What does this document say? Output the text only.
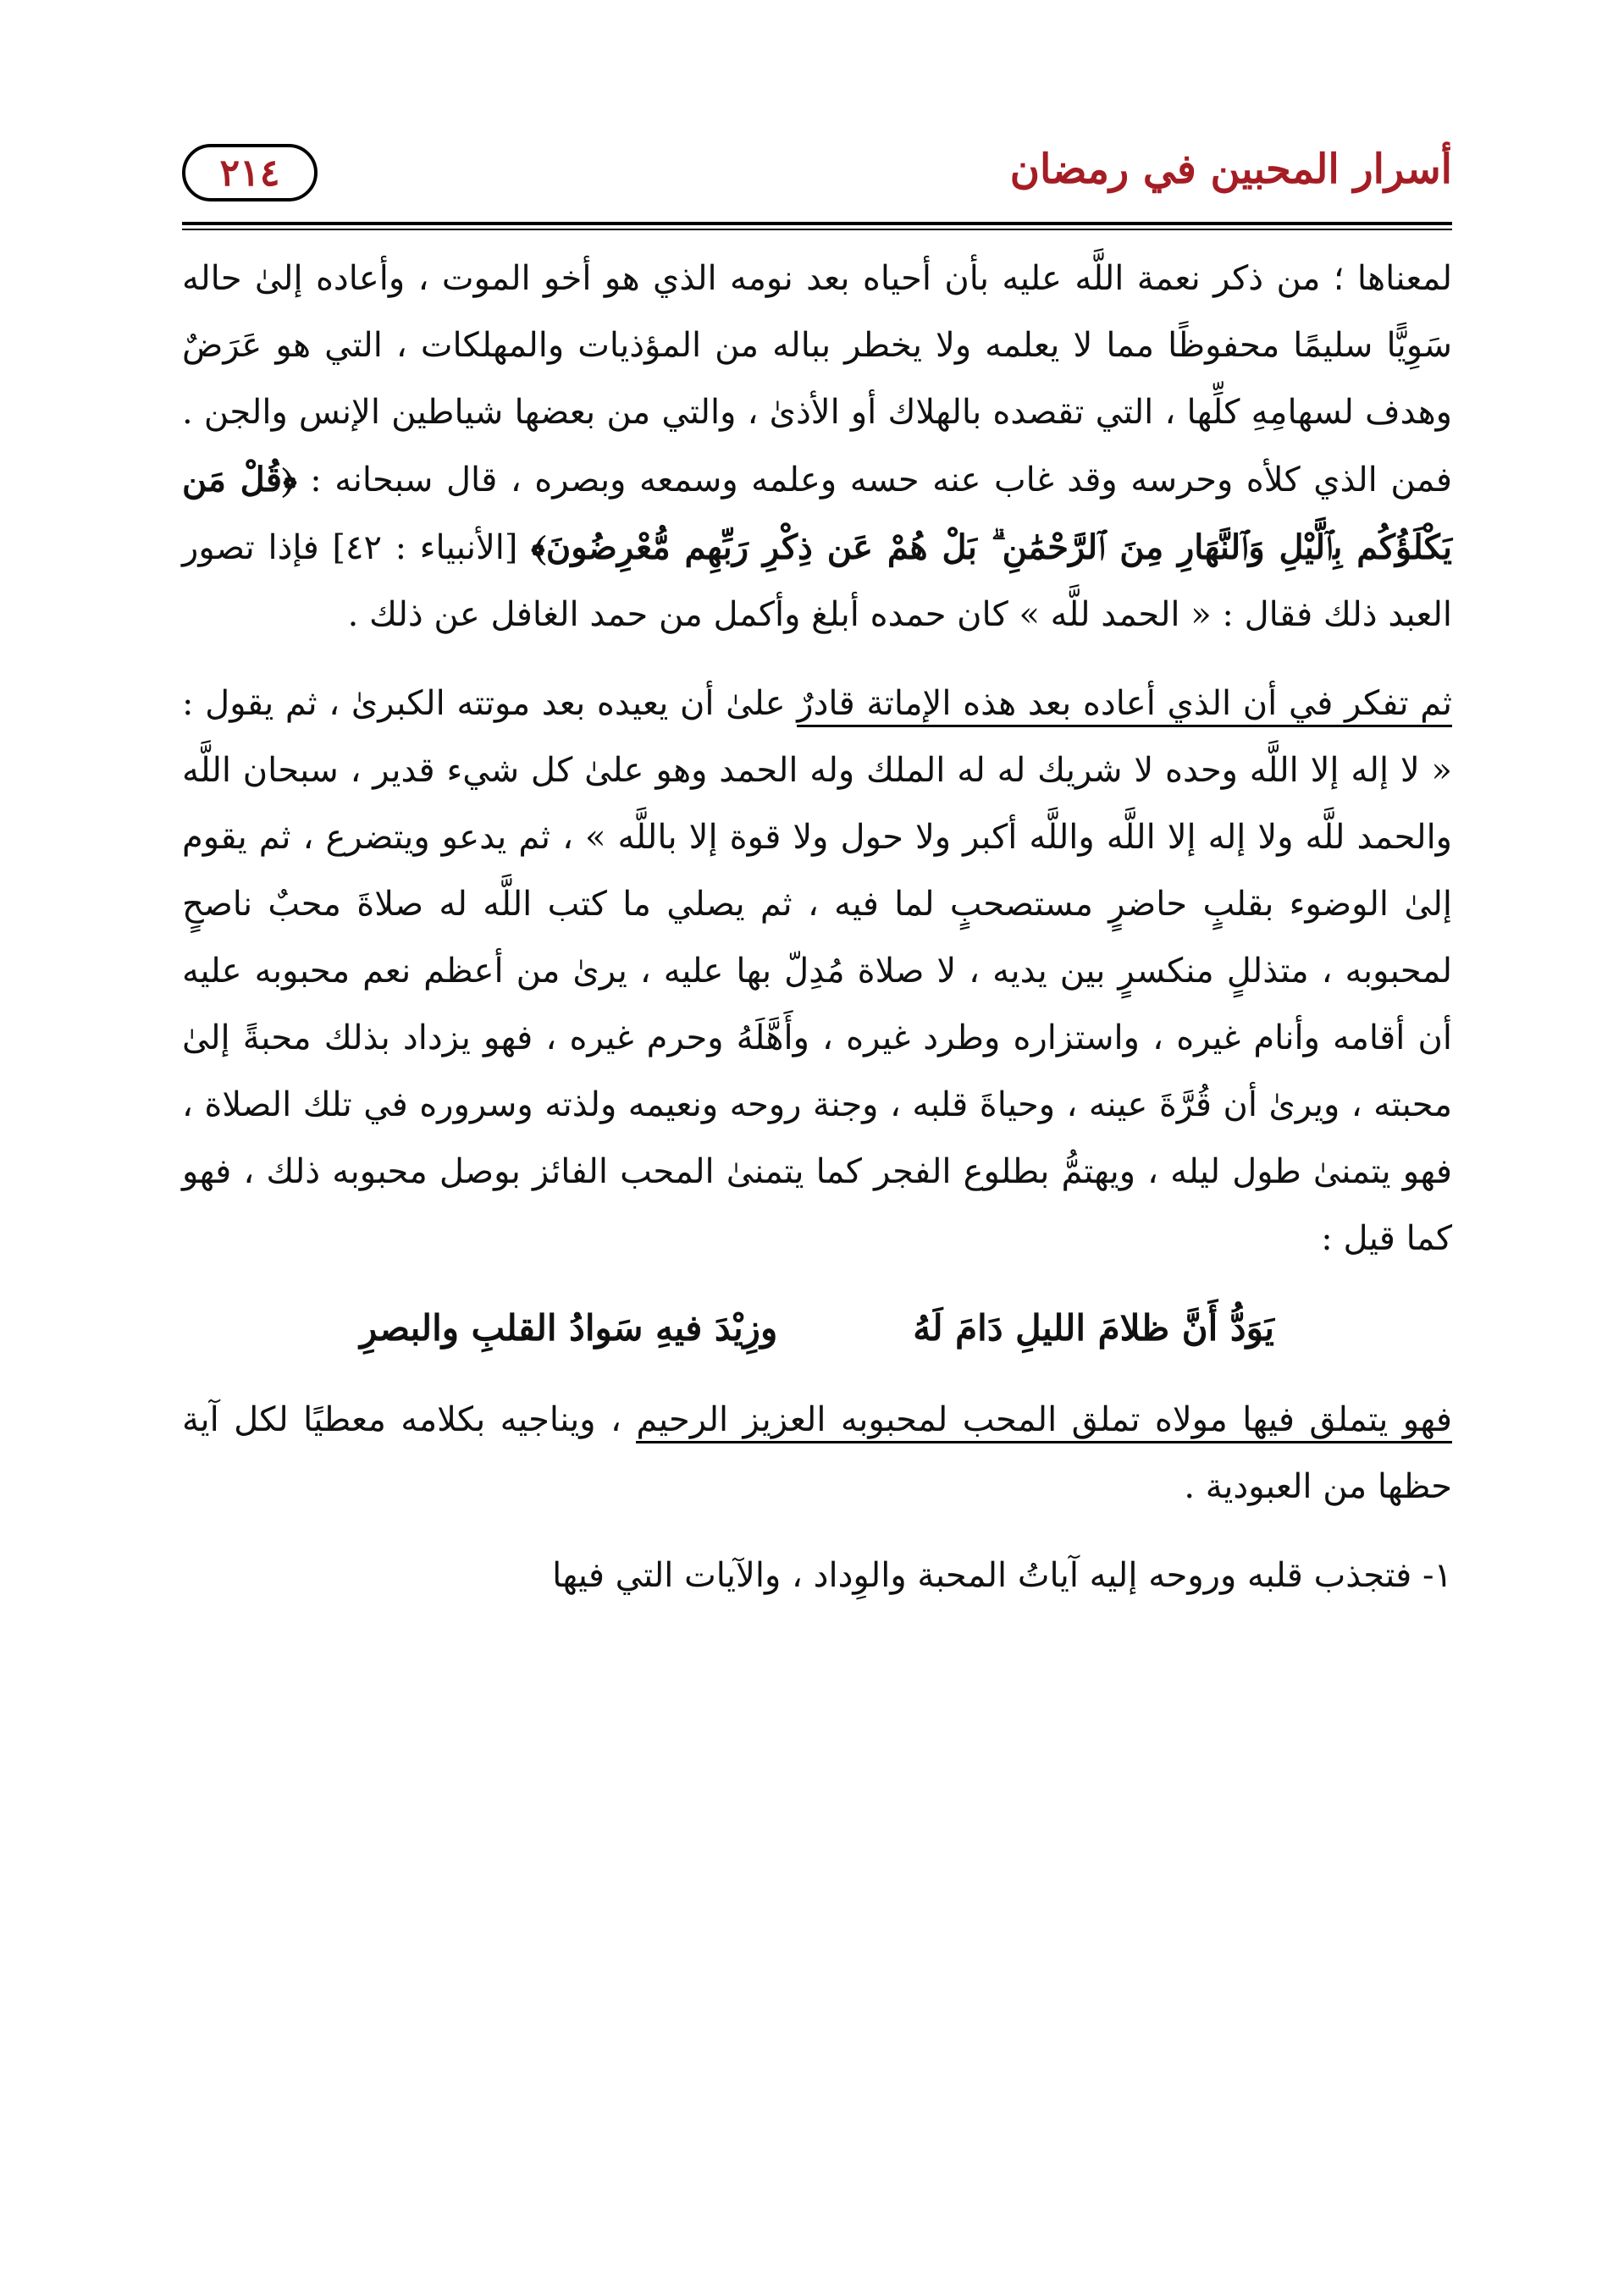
٢١٤	أسرار المحبين في رمضان

لمعناها ؛ من ذكر نعمة اللَّه عليه بأن أحياه بعد نومه الذي هو أخو الموت ، وأعاده إلىٰ حاله سَوِيًّا سليمًا محفوظًا مما لا يعلمه ولا يخطر بباله من المؤذيات والمهلكات ، التي هو عَرَضٌ وهدف لسهامِهِ كلِّها ، التي تقصده بالهلاك أو الأذىٰ ، والتي من بعضها شياطين الإنس والجن . فمن الذي كلأه وحرسه وقد غاب عنه حسه وعلمه وسمعه وبصره ، قال سبحانه : ﴿قُلْ مَن يَكْلَؤُكُم بِٱلَّيْلِ وَٱلنَّهَارِ مِنَ ٱلرَّحْمَٰنِ ۗ بَلْ هُمْ عَن ذِكْرِ رَبِّهِم مُّعْرِضُونَ﴾ [الأنبياء : ٤٢] فإذا تصور العبد ذلك فقال : « الحمد للَّه » كان حمده أبلغ وأكمل من حمد الغافل عن ذلك .

ثم تفكر في أن الذي أعاده بعد هذه الإماتة قادرٌ علىٰ أن يعيده بعد موتته الكبرىٰ ، ثم يقول : « لا إله إلا اللَّه وحده لا شريك له له الملك وله الحمد وهو علىٰ كل شيء قدير ، سبحان اللَّه والحمد للَّه ولا إله إلا اللَّه واللَّه أكبر ولا حول ولا قوة إلا باللَّه » ، ثم يدعو ويتضرع ، ثم يقوم إلىٰ الوضوء بقلبٍ حاضرٍ مستصحبٍ لما فيه ، ثم يصلي ما كتب اللَّه له صلاةَ محبٌ ناصحٍ لمحبوبه ، متذللٍ منكسرٍ بين يديه ، لا صلاة مُدِلّ بها عليه ، يرىٰ من أعظم نعم محبوبه عليه أن أقامه وأنام غيره ، واستزاره وطرد غيره ، وأَهَّلَهُ وحرم غيره ، فهو يزداد بذلك محبةً إلىٰ محبته ، ويرىٰ أن قُرَّةَ عينه ، وحياةَ قلبه ، وجنة روحه ونعيمه ولذته وسروره في تلك الصلاة ، فهو يتمنىٰ طول ليله ، ويهتمُّ بطلوع الفجر كما يتمنىٰ المحب الفائز بوصل محبوبه ذلك ، فهو كما قيل :

يَوَدُّ أَنَّ ظلامَ الليلِ دَامَ لَهُ
وزِيْدَ فيهِ سَوادُ القلبِ والبصرِ

فهو يتملق فيها مولاه تملق المحب لمحبوبه العزيز الرحيم ، ويناجيه بكلامه معطيًا لكل آية حظها من العبودية .

١- فتجذب قلبه وروحه إليه آياتُ المحبة والوِداد ، والآيات التي فيها
